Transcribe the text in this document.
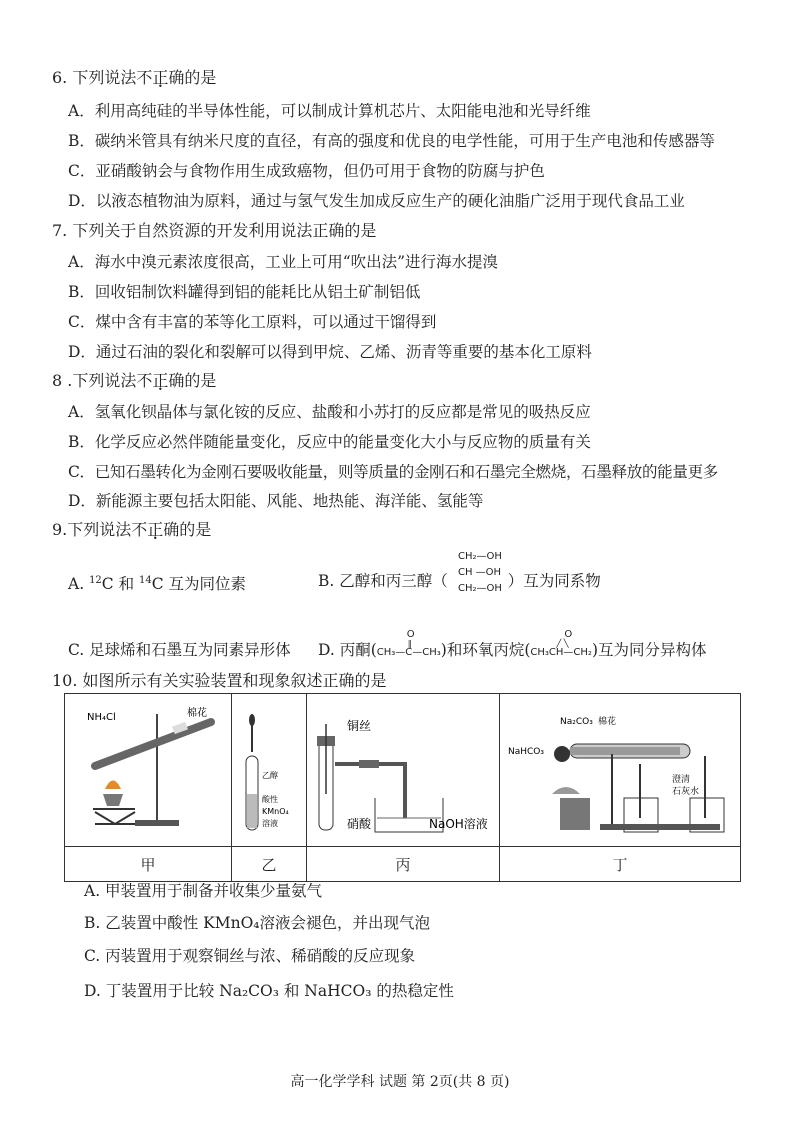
6. 下列说法不正确的是
A．利用高纯硅的半导体性能，可以制成计算机芯片、太阳能电池和光导纤维
B．碳纳米管具有纳米尺度的直径，有高的强度和优良的电学性能，可用于生产电池和传感器等
C．亚硝酸钠会与食物作用生成致癌物，但仍可用于食物的防腐与护色
D．以液态植物油为原料，通过与氢气发生加成反应生产的硬化油脂广泛用于现代食品工业
7. 下列关于自然资源的开发利用说法正确的是
A．海水中溴元素浓度很高，工业上可用“吹出法”进行海水提溴
B．回收铝制饮料罐得到铝的能耗比从铝土矿制铝低
C．煤中含有丰富的苯等化工原料，可以通过干馏得到
D．通过石油的裂化和裂解可以得到甲烷、乙烯、沥青等重要的基本化工原料
8 .下列说法不正确的是
A．氢氧化钡晶体与氯化铵的反应、盐酸和小苏打的反应都是常见的吸热反应
B．化学反应必然伴随能量变化，反应中的能量变化大小与反应物的质量有关
C．已知石墨转化为金刚石要吸收能量，则等质量的金刚石和石墨完全燃烧，石墨释放的能量更多
D．新能源主要包括太阳能、风能、地热能、海洋能、氢能等
9.下列说法不正确的是
A. $^{12}$C 和 $^{14}$C 互为同位素	B. 乙醇和丙三醇（	）互为同系物
CH₂—OH
CH —OH
CH₂—OH
C. 足球烯和石墨互为同素异形体 D. 丙酮(
O
‖
CH₃—C—CH₃)和环氧丙烷(
O
╱ ╲
CH₃CH—CH₂)互为同分异构体
10. 如图所示有关实验装置和现象叙述正确的是
NH₄Cl 棉花	乙醇
酸性
KMnO₄
溶液	铜丝
硝酸 NaOH溶液	Na₂CO₃ 棉花
NaHCO₃
澄清
石灰水

甲	乙	丙	丁
A. 甲装置用于制备并收集少量氨气
B. 乙装置中酸性 KMnO₄溶液会褪色，并出现气泡
C. 丙装置用于观察铜丝与浓、稀硝酸的反应现象
D. 丁装置用于比较 Na₂CO₃ 和 NaHCO₃ 的热稳定性
高一化学学科 试题 第 2页(共 8 页)
